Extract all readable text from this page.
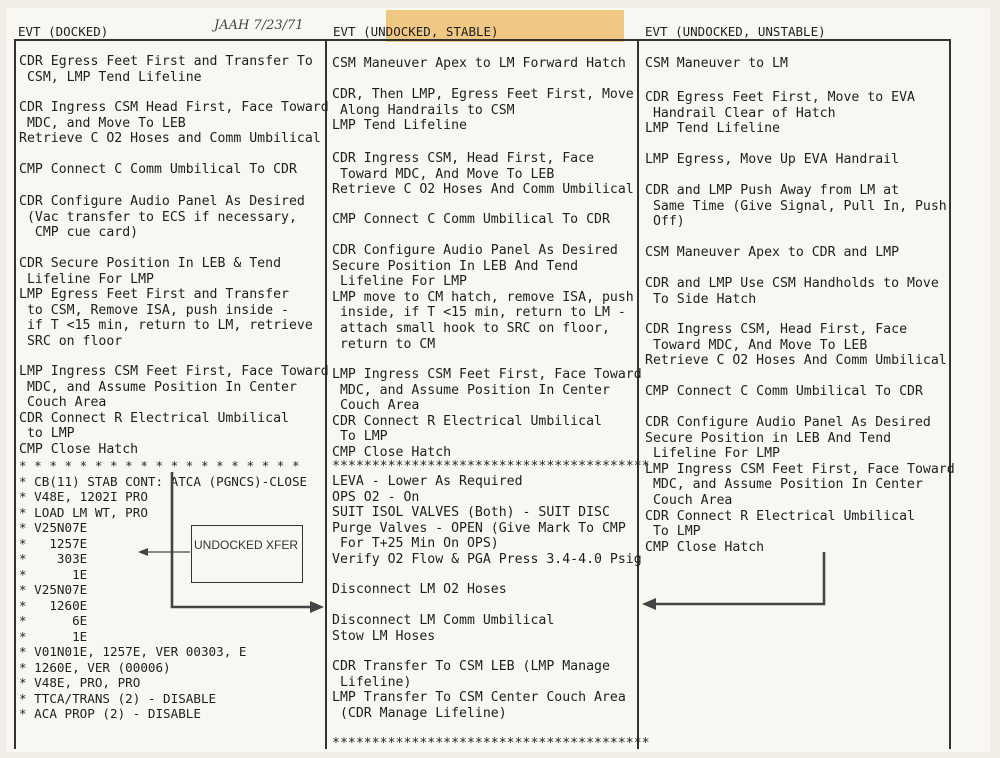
JAAH 7/23/71
EVT (DOCKED)	EVT (UNDOCKED, STABLE)	EVT (UNDOCKED, UNSTABLE)

CDR Egress Feet First and Transfer To
CSM, LMP Tend Lifeline

CDR Ingress CSM Head First, Face Toward
MDC, and Move To LEB
Retrieve C O2 Hoses and Comm Umbilical

CMP Connect C Comm Umbilical To CDR

CDR Configure Audio Panel As Desired
(Vac transfer to ECS if necessary,
CMP cue card)

CDR Secure Position In LEB & Tend
Lifeline For LMP
LMP Egress Feet First and Transfer
to CSM, Remove ISA, push inside -
if T <15 min, return to LM, retrieve
SRC on floor

LMP Ingress CSM Feet First, Face Toward
MDC, and Assume Position In Center
Couch Area
CDR Connect R Electrical Umbilical
to LMP
CMP Close Hatch

* * * * * * * * * * * * * * * * * * *
* CB(11) STAB CONT: ATCA (PGNCS)-CLOSE
* V48E, 1202I PRO
* LOAD LM WT, PRO
* V25N07E
*   1257E
*    303E
*      1E
* V25N07E
*   1260E
*      6E
*      1E
* V01N01E, 1257E, VER 00303, E
* 1260E, VER (00006)
* V48E, PRO, PRO
* TTCA/TRANS (2) - DISABLE
* ACA PROP (2) - DISABLE
UNDOCKED XFER

CSM Maneuver Apex to LM Forward Hatch

CDR, Then LMP, Egress Feet First, Move
Along Handrails to CSM
LMP Tend Lifeline

CDR Ingress CSM, Head First, Face
Toward MDC, And Move To LEB
Retrieve C O2 Hoses And Comm Umbilical

CMP Connect C Comm Umbilical To CDR

CDR Configure Audio Panel As Desired
Secure Position In LEB And Tend
Lifeline For LMP
LMP move to CM hatch, remove ISA, push
inside, if T <15 min, return to LM -
attach small hook to SRC on floor,
return to CM

LMP Ingress CSM Feet First, Face Toward
MDC, and Assume Position In Center
Couch Area
CDR Connect R Electrical Umbilical
To LMP
CMP Close Hatch

****************************************

LEVA - Lower As Required
OPS O2 - On
SUIT ISOL VALVES (Both) - SUIT DISC
Purge Valves - OPEN (Give Mark To CMP
For T+25 Min On OPS)
Verify O2 Flow & PGA Press 3.4-4.0 Psig

Disconnect LM O2 Hoses

Disconnect LM Comm Umbilical
Stow LM Hoses

CDR Transfer To CSM LEB (LMP Manage
Lifeline)
LMP Transfer To CSM Center Couch Area
(CDR Manage Lifeline)

****************************************

CSM Maneuver to LM

CDR Egress Feet First, Move to EVA
Handrail Clear of Hatch
LMP Tend Lifeline

LMP Egress, Move Up EVA Handrail

CDR and LMP Push Away from LM at
Same Time (Give Signal, Pull In, Push
Off)

CSM Maneuver Apex to CDR and LMP

CDR and LMP Use CSM Handholds to Move
To Side Hatch

CDR Ingress CSM, Head First, Face
Toward MDC, And Move To LEB
Retrieve C O2 Hoses And Comm Umbilical

CMP Connect C Comm Umbilical To CDR

CDR Configure Audio Panel As Desired
Secure Position in LEB And Tend
Lifeline For LMP
LMP Ingress CSM Feet First, Face Toward
MDC, and Assume Position In Center
Couch Area
CDR Connect R Electrical Umbilical
To LMP
CMP Close Hatch
